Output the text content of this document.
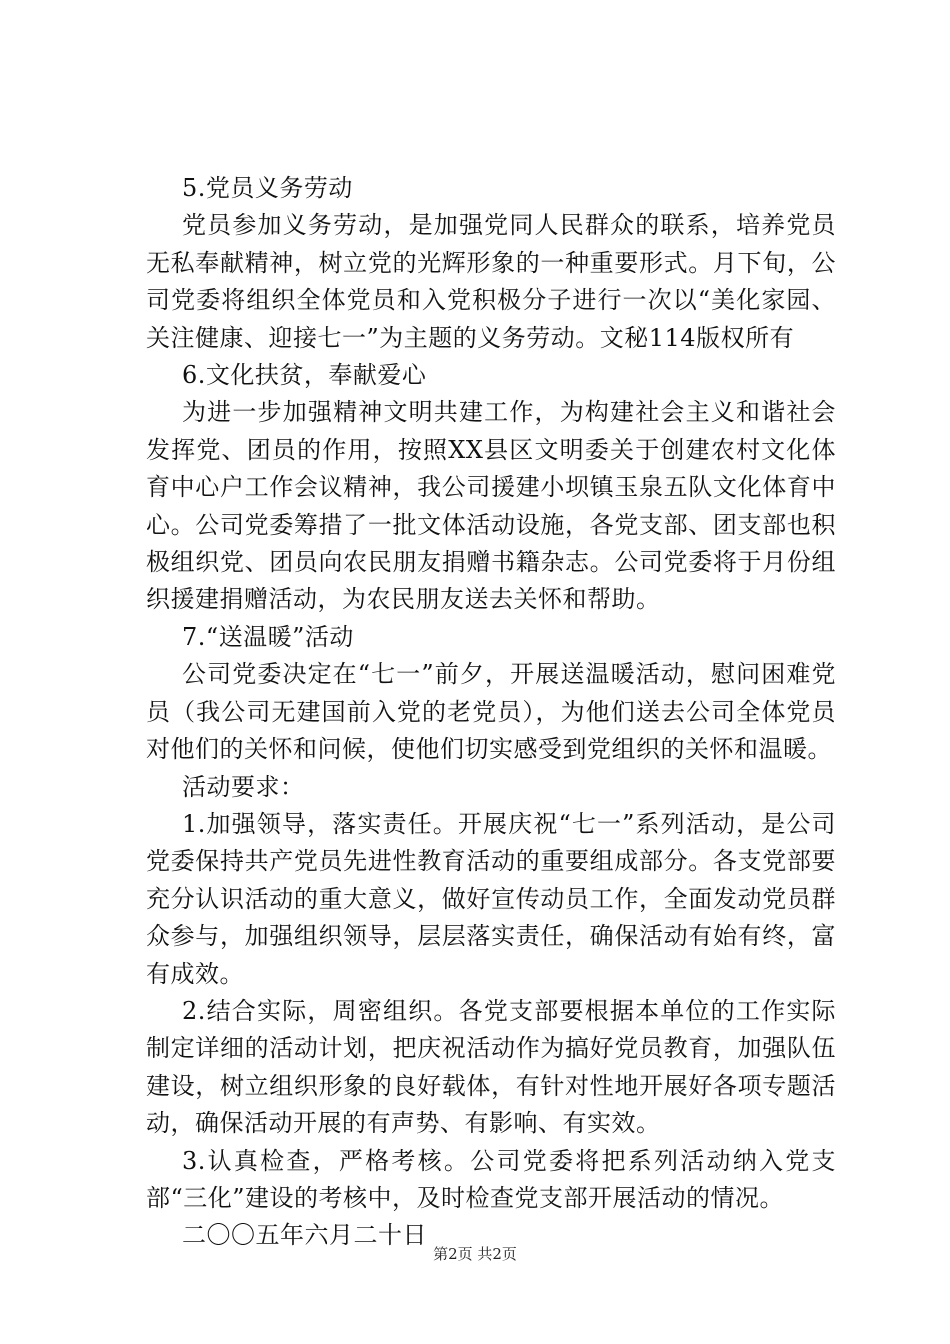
5.党员义务劳动

党员参加义务劳动，是加强党同人民群众的联系，培养党员无私奉献精神，树立党的光辉形象的一种重要形式。月下旬，公司党委将组织全体党员和入党积极分子进行一次以“美化家园、关注健康、迎接七一”为主题的义务劳动。文秘114版权所有

6.文化扶贫，奉献爱心

为进一步加强精神文明共建工作，为构建社会主义和谐社会发挥党、团员的作用，按照XX县区文明委关于创建农村文化体育中心户工作会议精神，我公司援建小坝镇玉泉五队文化体育中心。公司党委筹措了一批文体活动设施，各党支部、团支部也积极组织党、团员向农民朋友捐赠书籍杂志。公司党委将于月份组织援建捐赠活动，为农民朋友送去关怀和帮助。

7.“送温暖”活动

公司党委决定在“七一”前夕，开展送温暖活动，慰问困难党员（我公司无建国前入党的老党员），为他们送去公司全体党员对他们的关怀和问候，使他们切实感受到党组织的关怀和温暖。

活动要求：

1.加强领导，落实责任。开展庆祝“七一”系列活动，是公司党委保持共产党员先进性教育活动的重要组成部分。各支党部要充分认识活动的重大意义，做好宣传动员工作，全面发动党员群众参与，加强组织领导，层层落实责任，确保活动有始有终，富有成效。

2.结合实际，周密组织。各党支部要根据本单位的工作实际制定详细的活动计划，把庆祝活动作为搞好党员教育，加强队伍建设，树立组织形象的良好载体，有针对性地开展好各项专题活动，确保活动开展的有声势、有影响、有实效。

3.认真检查，严格考核。公司党委将把系列活动纳入党支部“三化”建设的考核中，及时检查党支部开展活动的情况。

二〇〇五年六月二十日

第2页 共2页
